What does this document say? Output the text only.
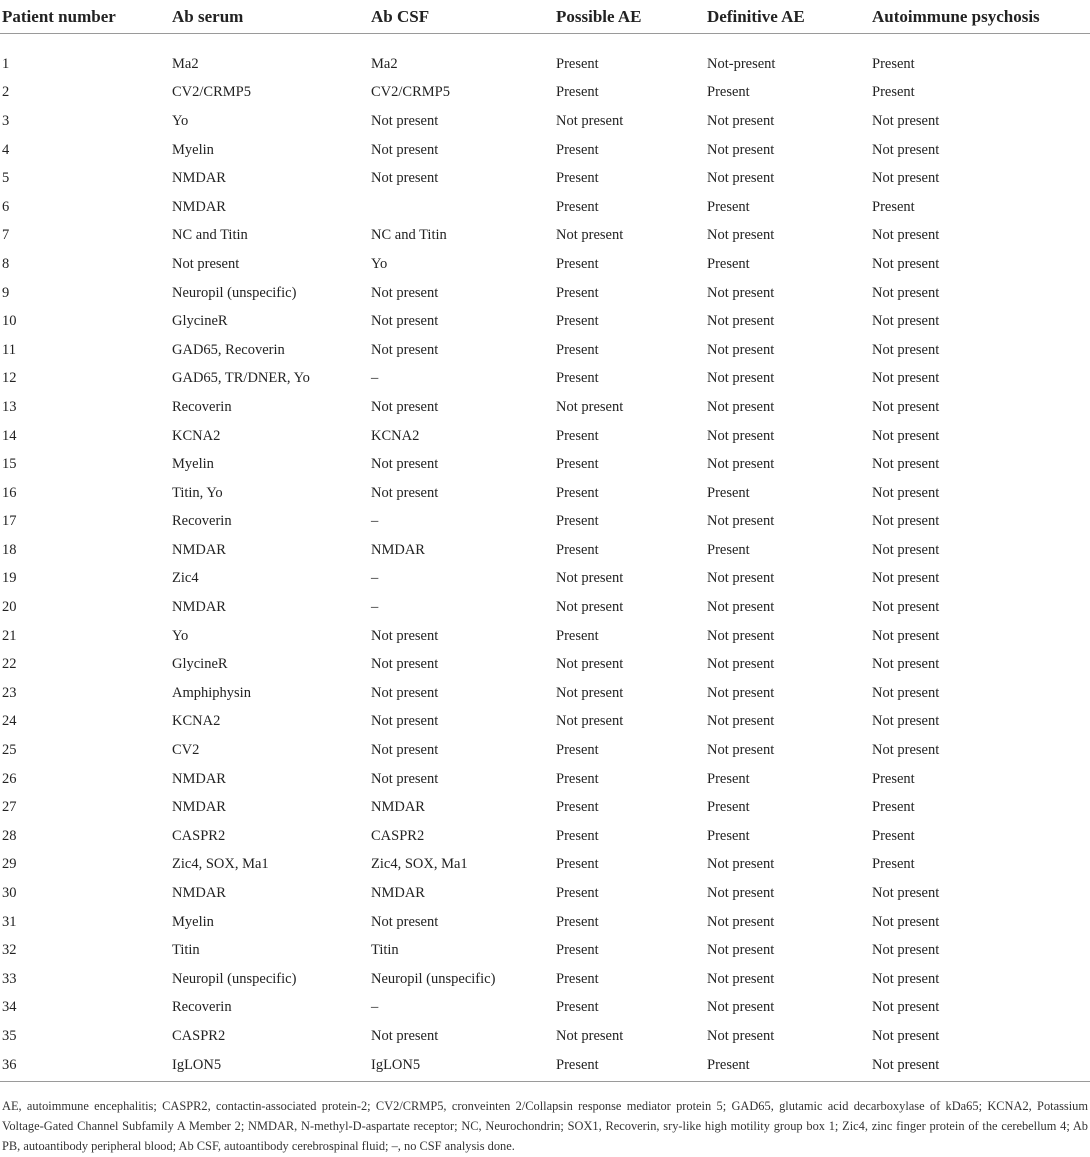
Patient number	Ab serum	Ab CSF	Possible AE	Definitive AE	Autoimmune psychosis

1	Ma2	Ma2	Present	Not-present	Present
2	CV2/CRMP5	CV2/CRMP5	Present	Present	Present
3	Yo	Not present	Not present	Not present	Not present
4	Myelin	Not present	Present	Not present	Not present
5	NMDAR	Not present	Present	Not present	Not present
6	NMDAR		Present	Present	Present
7	NC and Titin	NC and Titin	Not present	Not present	Not present
8	Not present	Yo	Present	Present	Not present
9	Neuropil (unspecific)	Not present	Present	Not present	Not present
10	GlycineR	Not present	Present	Not present	Not present
11	GAD65, Recoverin	Not present	Present	Not present	Not present
12	GAD65, TR/DNER, Yo	–	Present	Not present	Not present
13	Recoverin	Not present	Not present	Not present	Not present
14	KCNA2	KCNA2	Present	Not present	Not present
15	Myelin	Not present	Present	Not present	Not present
16	Titin, Yo	Not present	Present	Present	Not present
17	Recoverin	–	Present	Not present	Not present
18	NMDAR	NMDAR	Present	Present	Not present
19	Zic4	–	Not present	Not present	Not present
20	NMDAR	–	Not present	Not present	Not present
21	Yo	Not present	Present	Not present	Not present
22	GlycineR	Not present	Not present	Not present	Not present
23	Amphiphysin	Not present	Not present	Not present	Not present
24	KCNA2	Not present	Not present	Not present	Not present
25	CV2	Not present	Present	Not present	Not present
26	NMDAR	Not present	Present	Present	Present
27	NMDAR	NMDAR	Present	Present	Present
28	CASPR2	CASPR2	Present	Present	Present
29	Zic4, SOX, Ma1	Zic4, SOX, Ma1	Present	Not present	Present
30	NMDAR	NMDAR	Present	Not present	Not present
31	Myelin	Not present	Present	Not present	Not present
32	Titin	Titin	Present	Not present	Not present
33	Neuropil (unspecific)	Neuropil (unspecific)	Present	Not present	Not present
34	Recoverin	–	Present	Not present	Not present
35	CASPR2	Not present	Not present	Not present	Not present
36	IgLON5	IgLON5	Present	Present	Not present
AE, autoimmune encephalitis; CASPR2, contactin-associated protein-2; CV2/CRMP5, cronveinten 2/Collapsin response mediator protein 5; GAD65, glutamic acid decarboxylase of kDa65; KCNA2, Potassium Voltage-Gated Channel Subfamily A Member 2; NMDAR, N-methyl-D-aspartate receptor; NC, Neurochondrin; SOX1, Recoverin, sry-like high motility group box 1; Zic4, zinc finger protein of the cerebellum 4; Ab PB, autoantibody peripheral blood; Ab CSF, autoantibody cerebrospinal fluid; –, no CSF analysis done.
